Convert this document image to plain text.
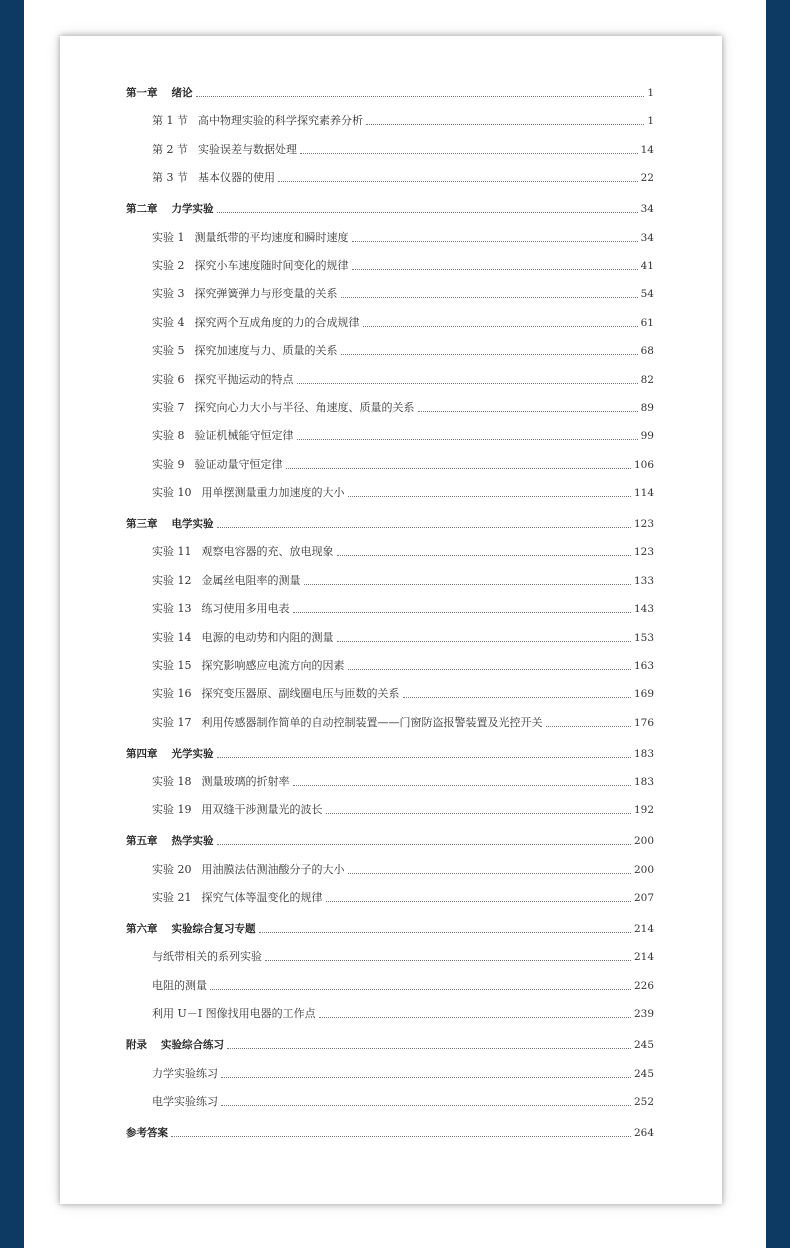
第一章 绪论	1
第 1 节 高中物理实验的科学探究素养分析	1
第 2 节 实验误差与数据处理	14
第 3 节 基本仪器的使用	22
第二章 力学实验	34
实验 1 测量纸带的平均速度和瞬时速度	34
实验 2 探究小车速度随时间变化的规律	41
实验 3 探究弹簧弹力与形变量的关系	54
实验 4 探究两个互成角度的力的合成规律	61
实验 5 探究加速度与力、质量的关系	68
实验 6 探究平抛运动的特点	82
实验 7 探究向心力大小与半径、角速度、质量的关系	89
实验 8 验证机械能守恒定律	99
实验 9 验证动量守恒定律	106
实验 10 用单摆测量重力加速度的大小	114
第三章 电学实验	123
实验 11 观察电容器的充、放电现象	123
实验 12 金属丝电阻率的测量	133
实验 13 练习使用多用电表	143
实验 14 电源的电动势和内阻的测量	153
实验 15 探究影响感应电流方向的因素	163
实验 16 探究变压器原、副线圈电压与匝数的关系	169
实验 17 利用传感器制作简单的自动控制装置——门窗防盗报警装置及光控开关	176
第四章 光学实验	183
实验 18 测量玻璃的折射率	183
实验 19 用双缝干涉测量光的波长	192
第五章 热学实验	200
实验 20 用油膜法估测油酸分子的大小	200
实验 21 探究气体等温变化的规律	207
第六章 实验综合复习专题	214
与纸带相关的系列实验	214
电阻的测量	226
利用 U－I 图像找用电器的工作点	239
附录 实验综合练习	245
力学实验练习	245
电学实验练习	252
参考答案	264
